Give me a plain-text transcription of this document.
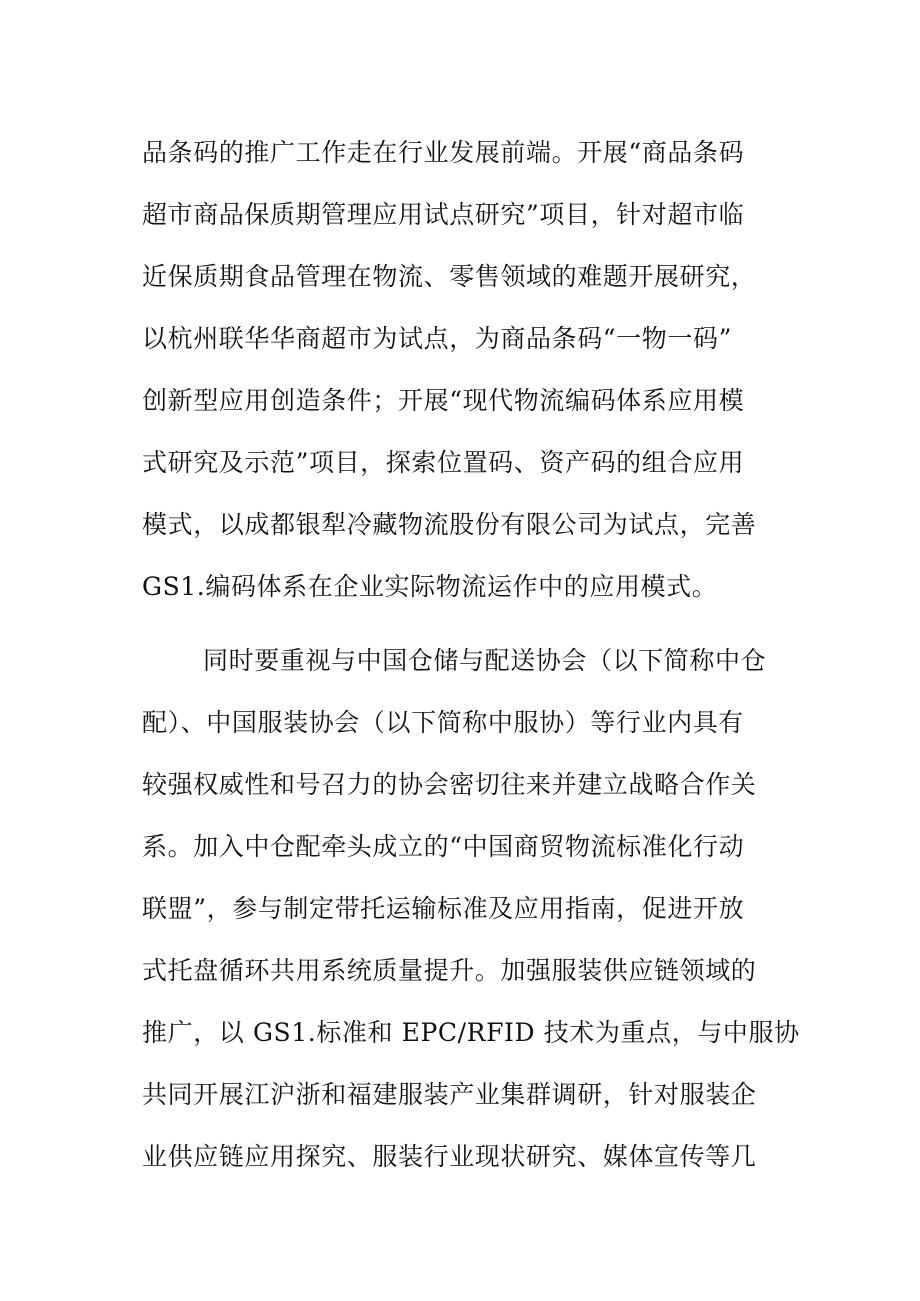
品条码的推广工作走在行业发展前端。开展“商品条码
超市商品保质期管理应用试点研究”项目，针对超市临
近保质期食品管理在物流、零售领域的难题开展研究，
以杭州联华华商超市为试点，为商品条码“一物一码”
创新型应用创造条件；开展“现代物流编码体系应用模
式研究及示范”项目，探索位置码、资产码的组合应用
模式，以成都银犁冷藏物流股份有限公司为试点，完善
GS1.编码体系在企业实际物流运作中的应用模式。
同时要重视与中国仓储与配送协会（以下简称中仓
配）、中国服装协会（以下简称中服协）等行业内具有
较强权威性和号召力的协会密切往来并建立战略合作关
系。加入中仓配牵头成立的“中国商贸物流标准化行动
联盟”，参与制定带托运输标准及应用指南，促进开放
式托盘循环共用系统质量提升。加强服装供应链领域的
推广，以 GS1.标准和 EPC/RFID 技术为重点，与中服协
共同开展江沪浙和福建服装产业集群调研，针对服装企
业供应链应用探究、服装行业现状研究、媒体宣传等几
